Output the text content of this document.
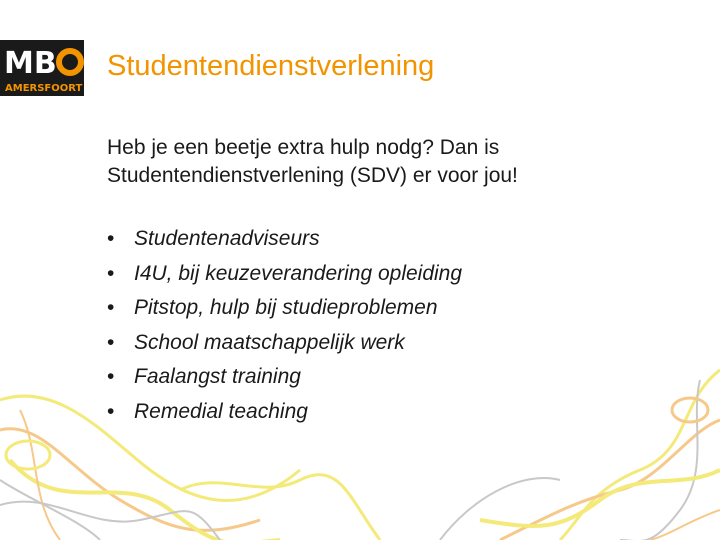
MB
AMERSFOORT
Studentendienstverlening
Heb je een beetje extra hulp nodg? Dan is Studentendienstverlening (SDV) er voor jou!
• Studentenadviseurs
• I4U, bij keuzeverandering opleiding
• Pitstop, hulp bij studieproblemen
• School maatschappelijk werk
• Faalangst training
• Remedial teaching
